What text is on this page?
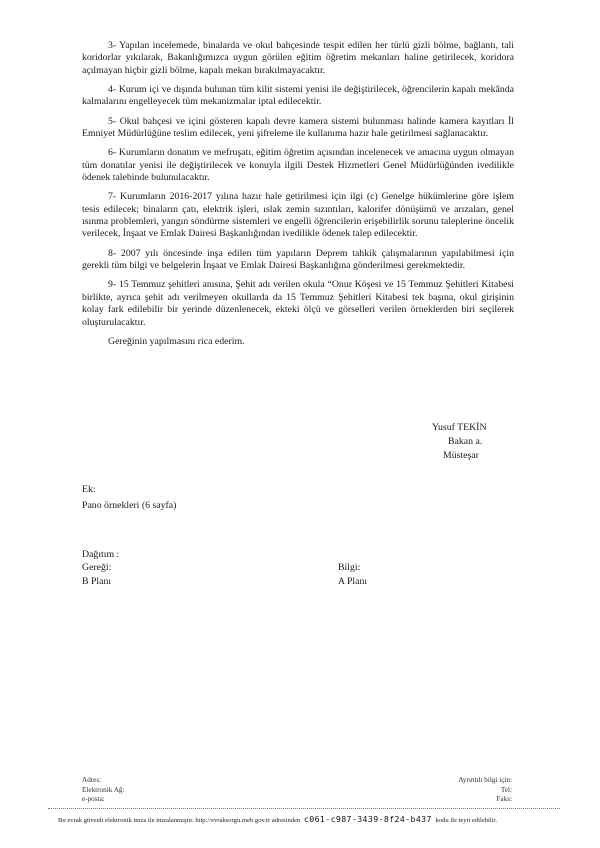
3- Yapılan incelemede, binalarda ve okul bahçesinde tespit edilen her türlü gizli bölme, bağlantı, tali koridorlar yıkılarak, Bakanlığımızca uygun görülen eğitim öğretim mekanları haline getirilecek, koridora açılmayan hiçbir gizli bölme, kapalı mekan bırakılmayacaktır.

4- Kurum içi ve dışında bulunan tüm kilit sistemi yenisi ile değiştirilecek, öğrencilerin kapalı mekânda kalmalarını engelleyecek tüm mekanizmalar iptal edilecektir.

5- Okul bahçesi ve içini gösteren kapalı devre kamera sistemi bulunması halinde kamera kayıtları İl Emniyet Müdürlüğüne teslim edilecek, yeni şifreleme ile kullanıma hazır hale getirilmesi sağlanacaktır.

6- Kurumların donatım ve mefruşatı, eğitim öğretim açısından incelenecek ve amacına uygun olmayan tüm donatılar yenisi ile değiştirilecek ve konuyla ilgili Destek Hizmetleri Genel Müdürlüğünden ivedilikle ödenek talebinde bulunulacaktır.

7- Kurumların 2016-2017 yılına hazır hale getirilmesi için ilgi (c) Genelge hükümlerine göre işlem tesis edilecek; binaların çatı, elektrik işleri, ıslak zemin sızıntıları, kalorifer dönüşümü ve arızaları, genel ısınma problemleri, yangın söndürme sistemleri ve engelli öğrencilerin erişebilirlik sorunu taleplerine öncelik verilecek, İnşaat ve Emlak Dairesi Başkanlığından ivedilikle ödenek talep edilecektir.

8- 2007 yılı öncesinde inşa edilen tüm yapıların Deprem tahkik çalışmalarının yapılabilmesi için gerekli tüm bilgi ve belgelerin İnşaat ve Emlak Dairesi Başkanlığına gönderilmesi gerekmektedir.

9- 15 Temmuz şehitleri anısına, Şehit adı verilen okula “Onur Köşesi ve 15 Temmuz Şehitleri Kitabesi birlikte, ayrıca şehit adı verilmeyen okullarda da 15 Temmuz Şehitleri Kitabesi tek başına, okul girişinin kolay fark edilebilir bir yerinde düzenlenecek, ekteki ölçü ve görselleri verilen örneklerden biri seçilerek oluşturulacaktır.

Gereğinin yapılmasını rica ederim.

Yusuf TEKİN
Bakan a.
Müsteşar
Ek:
Pano örnekleri (6 sayfa)
Dağıtım :
Gereği:	Bilgi:
B Planı	A Planı
Adres:	Ayrıntılı bilgi için:
Elektronik Ağ:	Tel:
e-posta:	Faks:
Bu evrak güvenli elektronik imza ile imzalanmıştır. http://evraksorgu.meb.gov.tr adresinden c061-c987-3439-8f24-b437 kodu ile teyit edilebilir.
